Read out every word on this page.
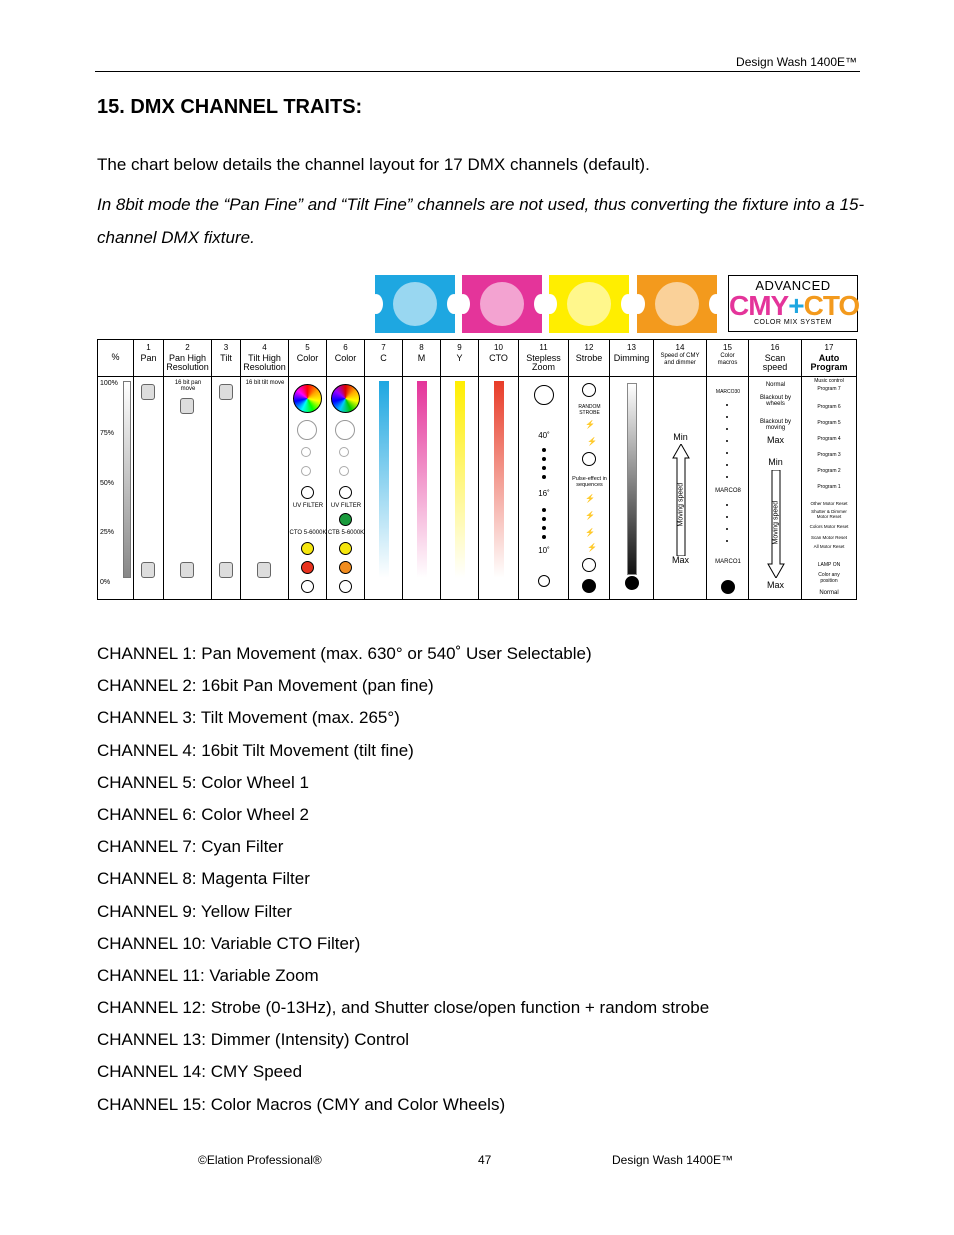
Design Wash 1400E™
15. DMX CHANNEL TRAITS:
The chart below details the channel layout for 17 DMX channels (default).
In 8bit mode the “Pan Fine” and “Tilt Fine” channels are not used, thus converting the fixture into a 15-channel DMX fixture.
ADVANCED
CMY+CTO
COLOR MIX SYSTEM
%
100%
75%
50%
25%
0%
1
Pan
2
Pan High Resolution
16 bit pan move
3
Tilt
4
Tilt High Resolution
16 bit tilt move
5
Color
UV FILTER
CTO 5-6000K
6
Color
UV FILTER
CTB 5-6000K
7
C
8
M
9
Y
10
CTO
11
Stepless Zoom
40˚
16˚
10˚
12
Strobe
RANDOM STROBE
⚡
⚡
Pulse-effect in sequences
⚡
⚡
⚡
⚡
13
Dimming
14
Speed of CMY and dimmer
Min
Moving speed
Max
15
Color macros
MARCO30
MARCO8
MARCO1
16
Scan speed
Normal
Blackout by wheels
Blackout by moving
Max
Min
Moving speed
Max
17
Auto Program
Music control
Program 7
Program 6
Program 5
Program 4
Program 3
Program 2
Program 1
Other Motor Reset
Shutter & Dimmer Motor Reset
Colors Motor Reset
Scan Motor Reset
All Motor Reset
LAMP ON
Color any position
Normal
CHANNEL 1: Pan Movement (max. 630° or 540˚ User Selectable)
CHANNEL 2: 16bit Pan Movement (pan fine)
CHANNEL 3: Tilt Movement (max. 265°)
CHANNEL 4: 16bit Tilt Movement (tilt fine)
CHANNEL 5: Color Wheel 1
CHANNEL 6: Color Wheel 2
CHANNEL 7: Cyan Filter
CHANNEL 8: Magenta Filter
CHANNEL 9: Yellow Filter
CHANNEL 10: Variable CTO Filter)
CHANNEL 11: Variable Zoom
CHANNEL 12: Strobe (0-13Hz), and Shutter close/open function + random strobe
CHANNEL 13: Dimmer (Intensity) Control
CHANNEL 14: CMY Speed
CHANNEL 15: Color Macros (CMY and Color Wheels)
©Elation Professional®	47	Design Wash 1400E™
